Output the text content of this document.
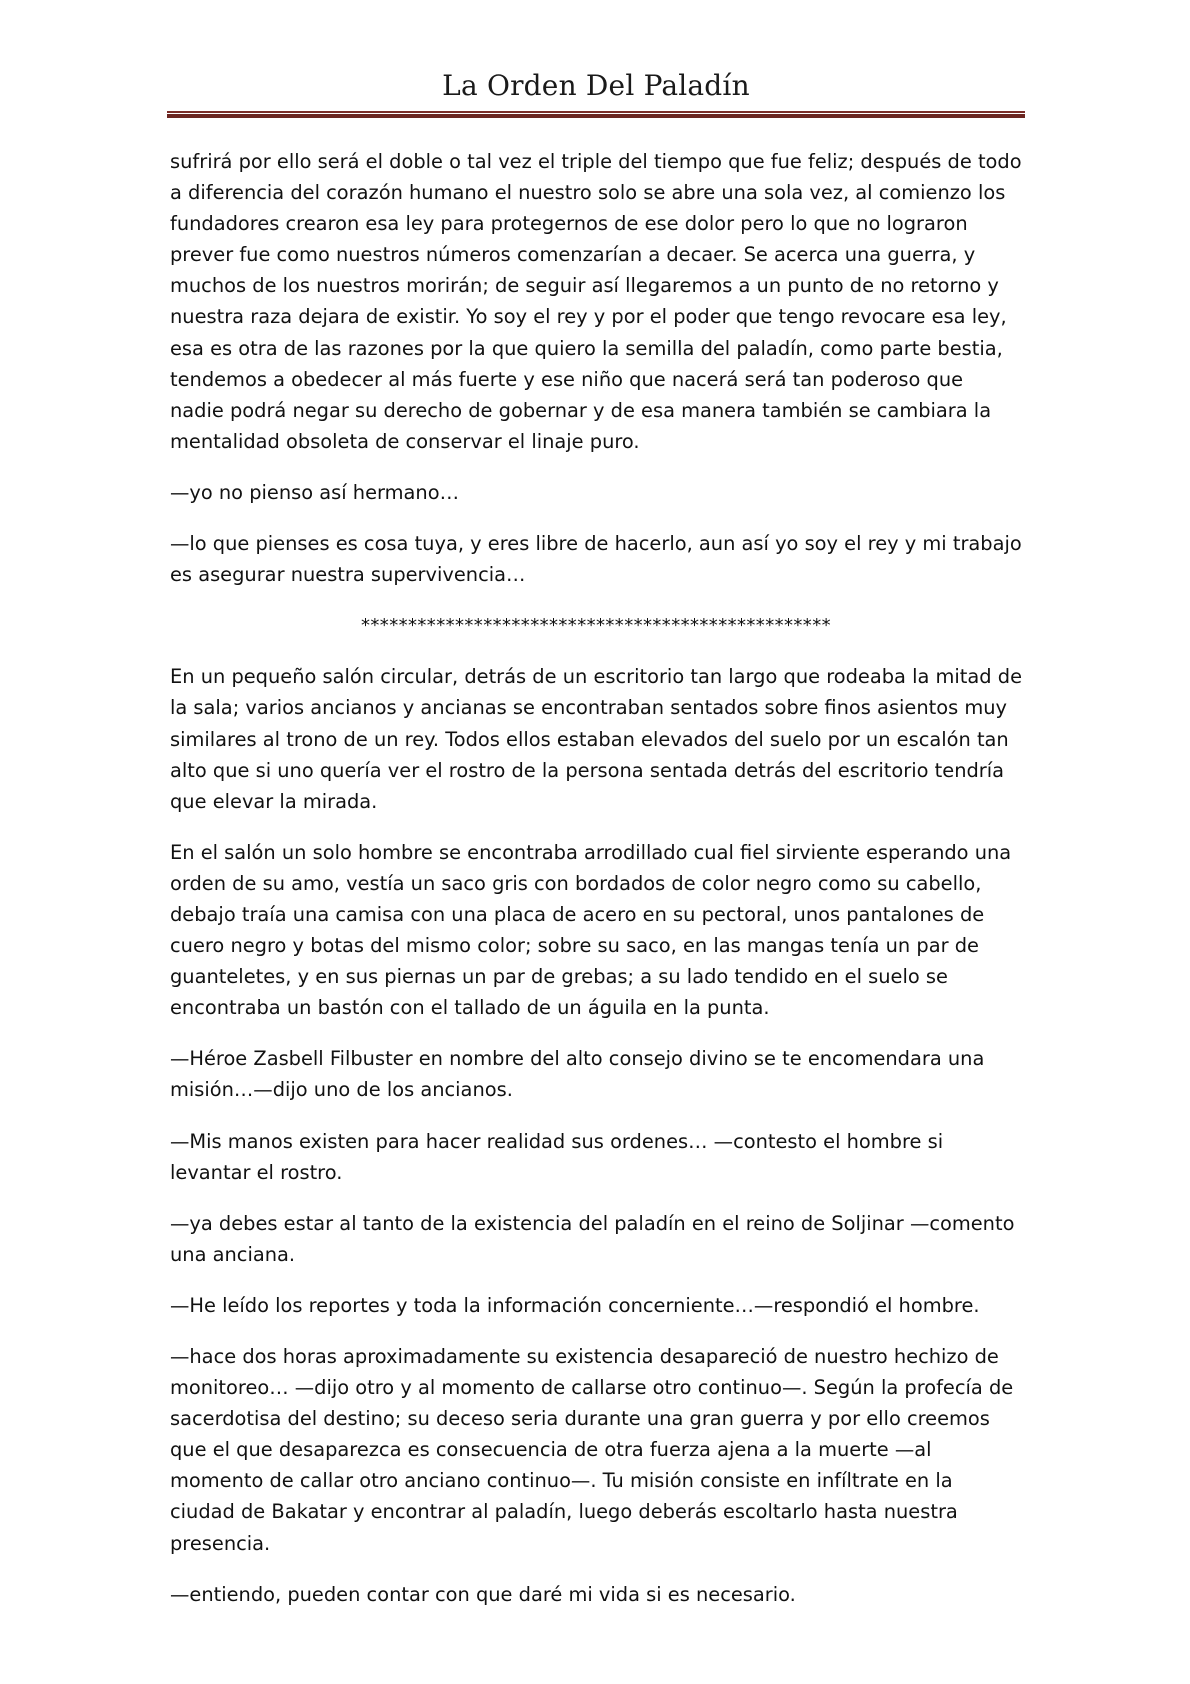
La Orden Del Paladín

sufrirá por ello será el doble o tal vez el triple del tiempo que fue feliz; después de todo a diferencia del corazón humano el nuestro solo se abre una sola vez, al comienzo los fundadores crearon esa ley para protegernos de ese dolor pero lo que no lograron prever fue como nuestros números comenzarían a decaer. Se acerca una guerra, y muchos de los nuestros morirán; de seguir así llegaremos a un punto de no retorno y nuestra raza dejara de existir. Yo soy el rey y por el poder que tengo revocare esa ley, esa es otra de las razones por la que quiero la semilla del paladín, como parte bestia, tendemos a obedecer al más fuerte y ese niño que nacerá será tan poderoso que nadie podrá negar su derecho de gobernar y de esa manera también se cambiara la mentalidad obsoleta de conservar el linaje puro.

—yo no pienso así hermano…

—lo que pienses es cosa tuya, y eres libre de hacerlo, aun así yo soy el rey y mi trabajo es asegurar nuestra supervivencia…

**************************************************

En un pequeño salón circular, detrás de un escritorio tan largo que rodeaba la mitad de la sala; varios ancianos y ancianas se encontraban sentados sobre finos asientos muy similares al trono de un rey. Todos ellos estaban elevados del suelo por un escalón tan alto que si uno quería ver el rostro de la persona sentada detrás del escritorio tendría que elevar la mirada.

En el salón un solo hombre se encontraba arrodillado cual fiel sirviente esperando una orden de su amo, vestía un saco gris con bordados de color negro como su cabello, debajo traía una camisa con una placa de acero en su pectoral, unos pantalones de cuero negro y botas del mismo color; sobre su saco, en las mangas tenía un par de guanteletes, y en sus piernas un par de grebas; a su lado tendido en el suelo se encontraba un bastón con el tallado de un águila en la punta.

—Héroe Zasbell Filbuster en nombre del alto consejo divino se te encomendara una misión…—dijo uno de los ancianos.

—Mis manos existen para hacer realidad sus ordenes… —contesto el hombre si levantar el rostro.

—ya debes estar al tanto de la existencia del paladín en el reino de Soljinar —comento una anciana.

—He leído los reportes y toda la información concerniente…—respondió el hombre.

—hace dos horas aproximadamente su existencia desapareció de nuestro hechizo de monitoreo… —dijo otro y al momento de callarse otro continuo—. Según la profecía de sacerdotisa del destino; su deceso seria durante una gran guerra y por ello creemos que el que desaparezca es consecuencia de otra fuerza ajena a la muerte —al momento de callar otro anciano continuo—. Tu misión consiste en infíltrate en la ciudad de Bakatar y encontrar al paladín, luego deberás escoltarlo hasta nuestra presencia.

—entiendo, pueden contar con que daré mi vida si es necesario.
